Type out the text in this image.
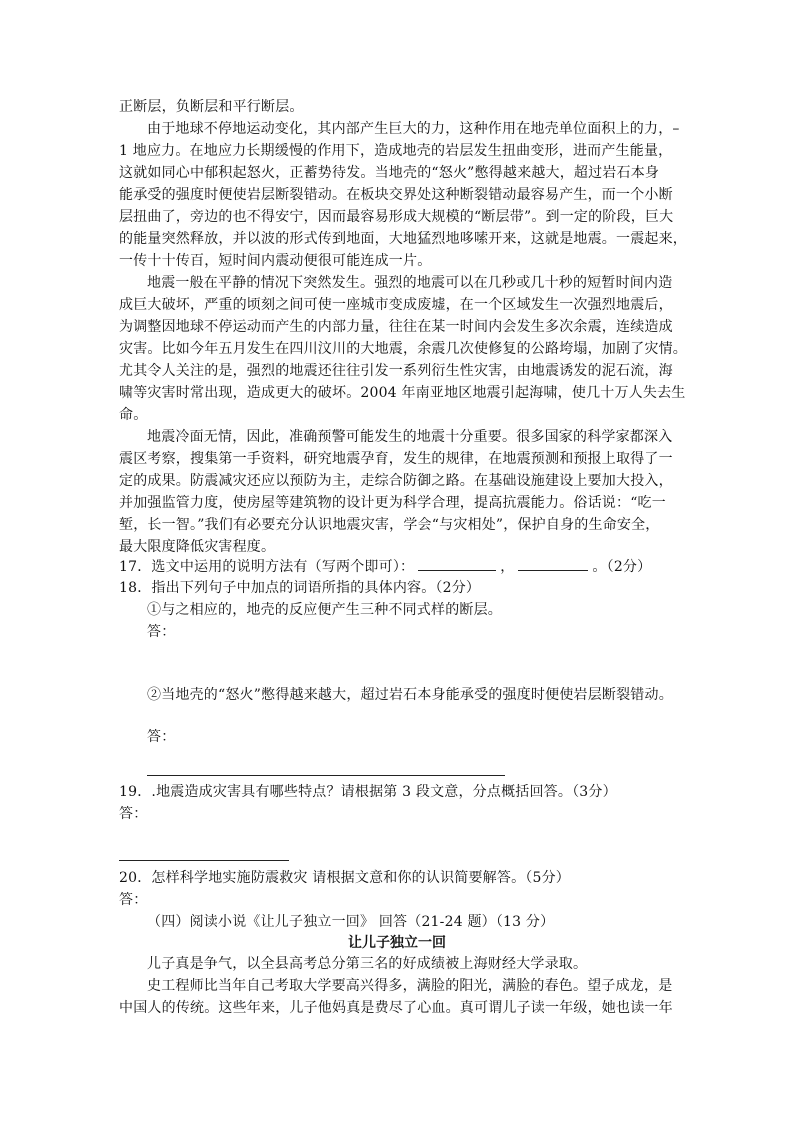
正断层，负断层和平行断层。
由于地球不停地运动变化，其内部产生巨大的力，这种作用在地壳单位面积上的力，–
1 地应力。在地应力长期缓慢的作用下，造成地壳的岩层发生扭曲变形，进而产生能量，
这就如同心中郁积起怒火，正蓄势待发。当地壳的“怒火”憋得越来越大，超过岩石本身
能承受的强度时便使岩层断裂错动。在板块交界处这种断裂错动最容易产生，而一个小断
层扭曲了，旁边的也不得安宁，因而最容易形成大规模的“断层带”。到一定的阶段，巨大
的能量突然释放，并以波的形式传到地面，大地猛烈地哆嗦开来，这就是地震。一震起来，
一传十十传百，短时间内震动便很可能连成一片。
地震一般在平静的情况下突然发生。强烈的地震可以在几秒或几十秒的短暂时间内造
成巨大破坏，严重的顷刻之间可使一座城市变成废墟，在一个区域发生一次强烈地震后，
为调整因地球不停运动而产生的内部力量，往往在某一时间内会发生多次余震，连续造成
灾害。比如今年五月发生在四川汶川的大地震，余震几次使修复的公路垮塌，加剧了灾情。
尤其令人关注的是，强烈的地震还往往引发一系列衍生性灾害，由地震诱发的泥石流，海
啸等灾害时常出现，造成更大的破坏。2004 年南亚地区地震引起海啸，使几十万人失去生
命。
地震冷面无情，因此，准确预警可能发生的地震十分重要。很多国家的科学家都深入
震区考察，搜集第一手资料，研究地震孕育，发生的规律，在地震预测和预报上取得了一
定的成果。防震减灾还应以预防为主，走综合防御之路。在基础设施建设上要加大投入，
并加强监管力度，使房屋等建筑物的设计更为科学合理，提高抗震能力。俗话说：“吃一
堑，长一智。”我们有必要充分认识地震灾害，学会“与灾相处”，保护自身的生命安全，
最大限度降低灾害程度。
17．选文中运用的说明方法有（写两个即可）：	，	。（2分）
18．指出下列句子中加点的词语所指的具体内容。（2分）
①与之相应的，地壳的反应便产生三种不同式样的断层。
答：
②当地壳的“怒火”憋得越来越大，超过岩石本身能承受的强度时便使岩层断裂错动。
答：
19．.地震造成灾害具有哪些特点？请根据第 3 段文意，分点概括回答。（3分）
答：
20．怎样科学地实施防震救灾 请根据文意和你的认识简要解答。（5分）
答：
（四）阅读小说《让儿子独立一回》 回答（21-24 题）（13 分）
让儿子独立一回
儿子真是争气，以全县高考总分第三名的好成绩被上海财经大学录取。
史工程师比当年自己考取大学要高兴得多，满脸的阳光，满脸的春色。望子成龙，是
中国人的传统。这些年来，儿子他妈真是费尽了心血。真可谓儿子读一年级，她也读一年
